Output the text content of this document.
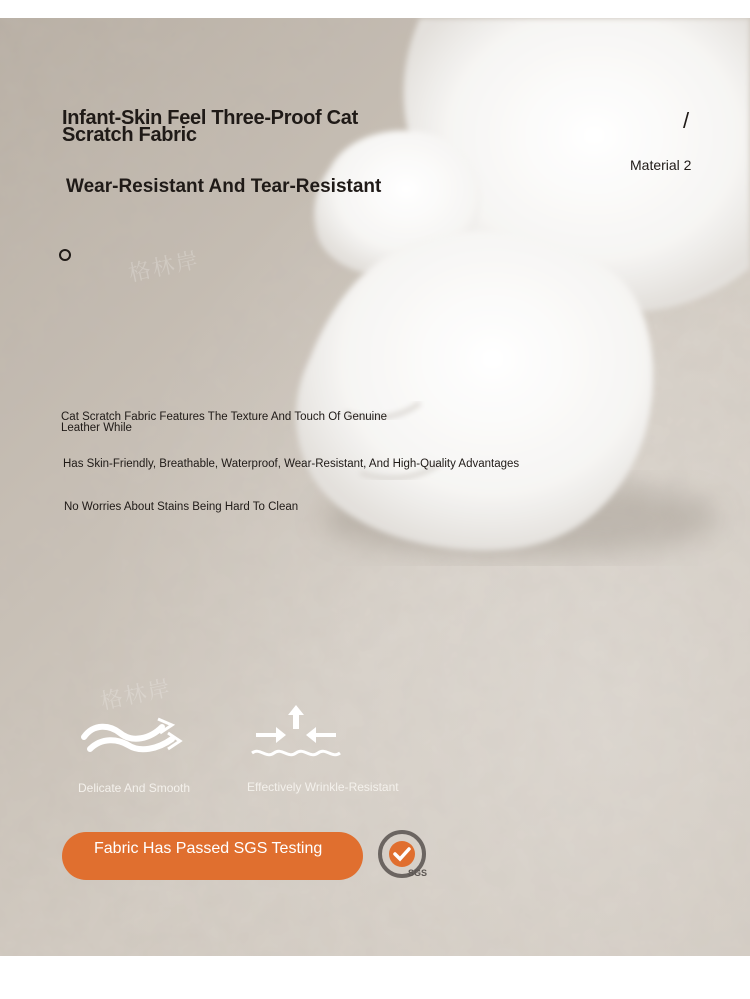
格林岸
格林岸
Infant-Skin Feel Three-Proof Cat Scratch Fabric
/
Material 2
Wear-Resistant And Tear-Resistant
Cat Scratch Fabric Features The Texture And Touch Of Genuine Leather While
Has Skin-Friendly, Breathable, Waterproof, Wear-Resistant, And High-Quality Advantages
No Worries About Stains Being Hard To Clean
Delicate And Smooth	Effectively Wrinkle-Resistant
Fabric Has Passed SGS Testing
SGS
